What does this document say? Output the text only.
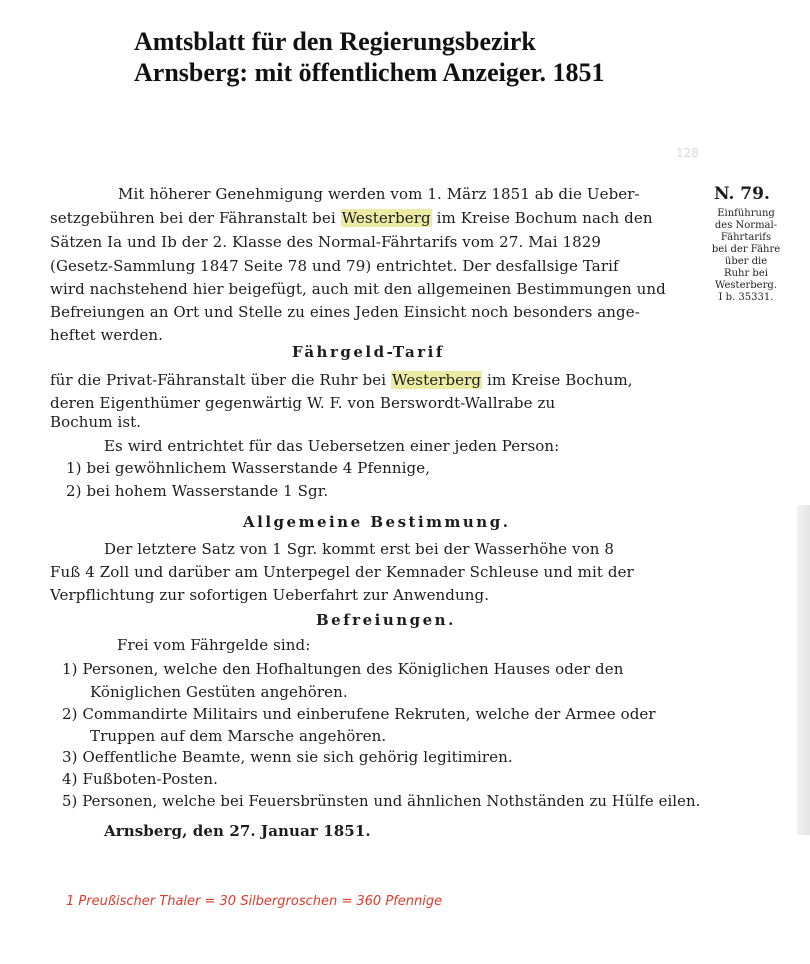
Amtsblatt für den Regierungsbezirk
Arnsberg: mit öffentlichem Anzeiger. 1851
128
Mit höherer Genehmigung werden vom 1. März 1851 ab die Ueber-
setzgebühren bei der Fähranstalt bei Westerberg im Kreise Bochum nach den
Sätzen Ia und Ib der 2. Klasse des Normal-Fährtarifs vom 27. Mai 1829
(Gesetz-Sammlung 1847 Seite 78 und 79) entrichtet. Der desfallsige Tarif
wird nachstehend hier beigefügt, auch mit den allgemeinen Bestimmungen und
Befreiungen an Ort und Stelle zu eines Jeden Einsicht noch besonders ange-
heftet werden.
N. 79.
Einführung
des Normal-
Fährtarifs
bei der Fähre
über die
Ruhr bei
Westerberg.
I b. 35331.
Fährgeld-Tarif
für die Privat-Fähranstalt über die Ruhr bei Westerberg im Kreise Bochum,
deren Eigenthümer gegenwärtig W. F. von Berswordt-Wallrabe zu
Bochum ist.
Es wird entrichtet für das Uebersetzen einer jeden Person:
1) bei gewöhnlichem Wasserstande 4 Pfennige,
2) bei hohem Wasserstande 1 Sgr.
Allgemeine Bestimmung.
Der letztere Satz von 1 Sgr. kommt erst bei der Wasserhöhe von 8
Fuß 4 Zoll und darüber am Unterpegel der Kemnader Schleuse und mit der
Verpflichtung zur sofortigen Ueberfahrt zur Anwendung.
Befreiungen.
Frei vom Fährgelde sind:
1) Personen, welche den Hofhaltungen des Königlichen Hauses oder den
Königlichen Gestüten angehören.
2) Commandirte Militairs und einberufene Rekruten, welche der Armee oder
Truppen auf dem Marsche angehören.
3) Oeffentliche Beamte, wenn sie sich gehörig legitimiren.
4) Fußboten-Posten.
5) Personen, welche bei Feuersbrünsten und ähnlichen Nothständen zu Hülfe eilen.
Arnsberg, den 27. Januar 1851.
1 Preußischer Thaler = 30 Silbergroschen = 360 Pfennige
